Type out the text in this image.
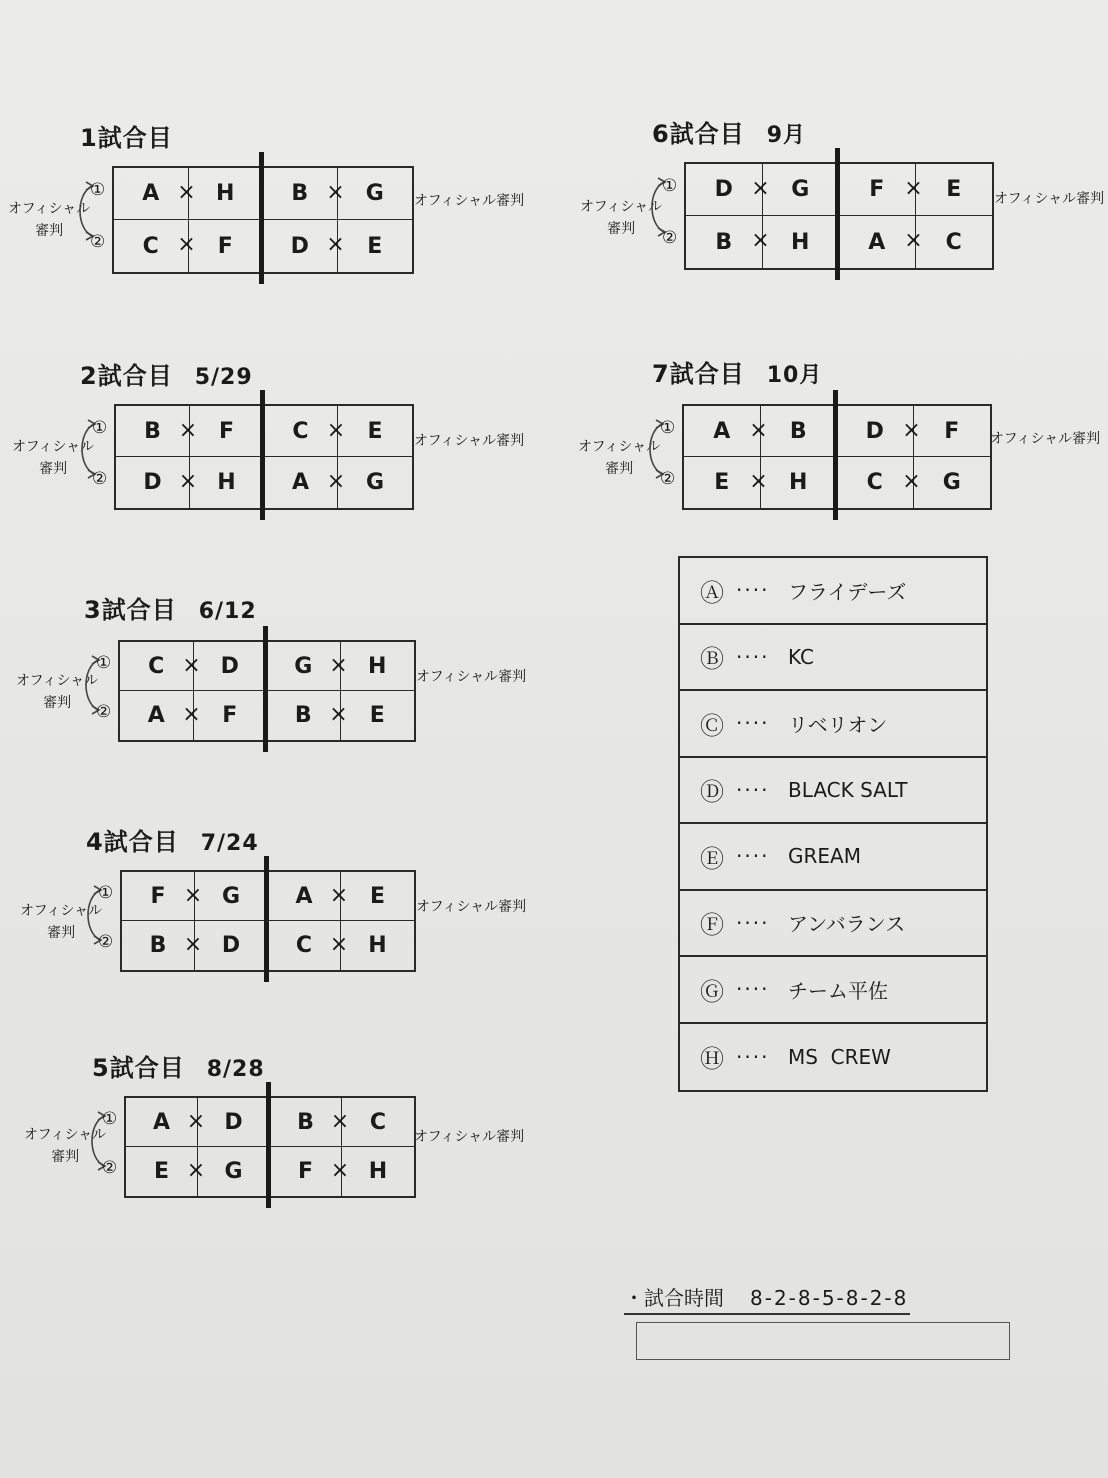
1試合目
オフィシャル
審判
①
②
A	H	B	G
C	F	D	E
×
×
×
×
オフィシャル審判
2試合目 5/29
オフィシャル
審判
①
②
B	F	C	E
D	H	A	G
×
×
×
×
オフィシャル審判
3試合目 6/12
オフィシャル
審判
①
②
C	D	G	H
A	F	B	E
×
×
×
×
オフィシャル審判
4試合目 7/24
オフィシャル
審判
①
②
F	G	A	E
B	D	C	H
×
×
×
×
オフィシャル審判
5試合目 8/28
オフィシャル
審判
①
②
A	D	B	C
E	G	F	H
×
×
×
×
オフィシャル審判
6試合目 9月
オフィシャル
審判
①
②
D	G	F	E
B	H	A	C
×
×
×
×
オフィシャル審判
7試合目 10月
オフィシャル
審判
①
②
A	B	D	F
E	H	C	G
×
×
×
×
オフィシャル審判
Ⓐ ···· フライデーズ
Ⓑ ···· KC
Ⓒ ···· リベリオン
Ⓓ ···· BLACK SALT
Ⓔ ···· GREAM
Ⓕ ···· アンバランス
Ⓖ ···· チーム平佐
Ⓗ ···· MS  CREW
・試合時間 8-2-8-5-8-2-8
